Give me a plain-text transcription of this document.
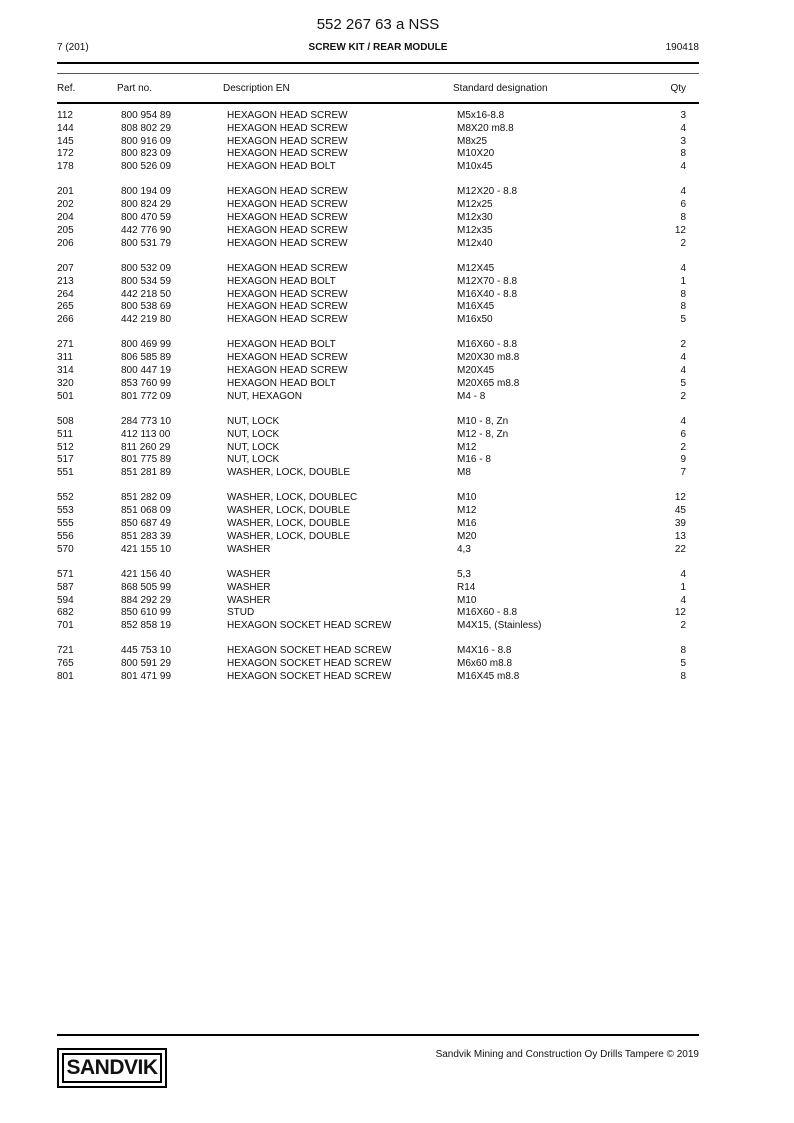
552 267 63 a NSS
7 (201)	SCREW KIT / REAR MODULE	190418
Ref.	Part no.	Description EN	Standard designation	Qty
112	800 954 89	HEXAGON HEAD SCREW	M5x16-8.8	3
144	808 802 29	HEXAGON HEAD SCREW	M8X20 m8.8	4
145	800 916 09	HEXAGON HEAD SCREW	M8x25	3
172	800 823 09	HEXAGON HEAD SCREW	M10X20	8
178	800 526 09	HEXAGON HEAD BOLT	M10x45	4

201	800 194 09	HEXAGON HEAD SCREW	M12X20 - 8.8	4
202	800 824 29	HEXAGON HEAD SCREW	M12x25	6
204	800 470 59	HEXAGON HEAD SCREW	M12x30	8
205	442 776 90	HEXAGON HEAD SCREW	M12x35	12
206	800 531 79	HEXAGON HEAD SCREW	M12x40	2

207	800 532 09	HEXAGON HEAD SCREW	M12X45	4
213	800 534 59	HEXAGON HEAD BOLT	M12X70 - 8.8	1
264	442 218 50	HEXAGON HEAD SCREW	M16X40 - 8.8	8
265	800 538 69	HEXAGON HEAD SCREW	M16X45	8
266	442 219 80	HEXAGON HEAD SCREW	M16x50	5

271	800 469 99	HEXAGON HEAD BOLT	M16X60 - 8.8	2
311	806 585 89	HEXAGON HEAD SCREW	M20X30 m8.8	4
314	800 447 19	HEXAGON HEAD SCREW	M20X45	4
320	853 760 99	HEXAGON HEAD BOLT	M20X65 m8.8	5
501	801 772 09	NUT, HEXAGON	M4 - 8	2

508	284 773 10	NUT, LOCK	M10 - 8, Zn	4
511	412 113 00	NUT, LOCK	M12 - 8, Zn	6
512	811 260 29	NUT, LOCK	M12	2
517	801 775 89	NUT, LOCK	M16 - 8	9
551	851 281 89	WASHER, LOCK, DOUBLE	M8	7

552	851 282 09	WASHER, LOCK, DOUBLEC	M10	12
553	851 068 09	WASHER, LOCK, DOUBLE	M12	45
555	850 687 49	WASHER, LOCK, DOUBLE	M16	39
556	851 283 39	WASHER, LOCK, DOUBLE	M20	13
570	421 155 10	WASHER	4,3	22

571	421 156 40	WASHER	5,3	4
587	868 505 99	WASHER	R14	1
594	884 292 29	WASHER	M10	4
682	850 610 99	STUD	M16X60 - 8.8	12
701	852 858 19	HEXAGON SOCKET HEAD SCREW	M4X15, (Stainless)	2

721	445 753 10	HEXAGON SOCKET HEAD SCREW	M4X16 - 8.8	8
765	800 591 29	HEXAGON SOCKET HEAD SCREW	M6x60 m8.8	5
801	801 471 99	HEXAGON SOCKET HEAD SCREW	M16X45 m8.8	8
SANDVIK
Sandvik Mining and Construction Oy Drills Tampere © 2019
